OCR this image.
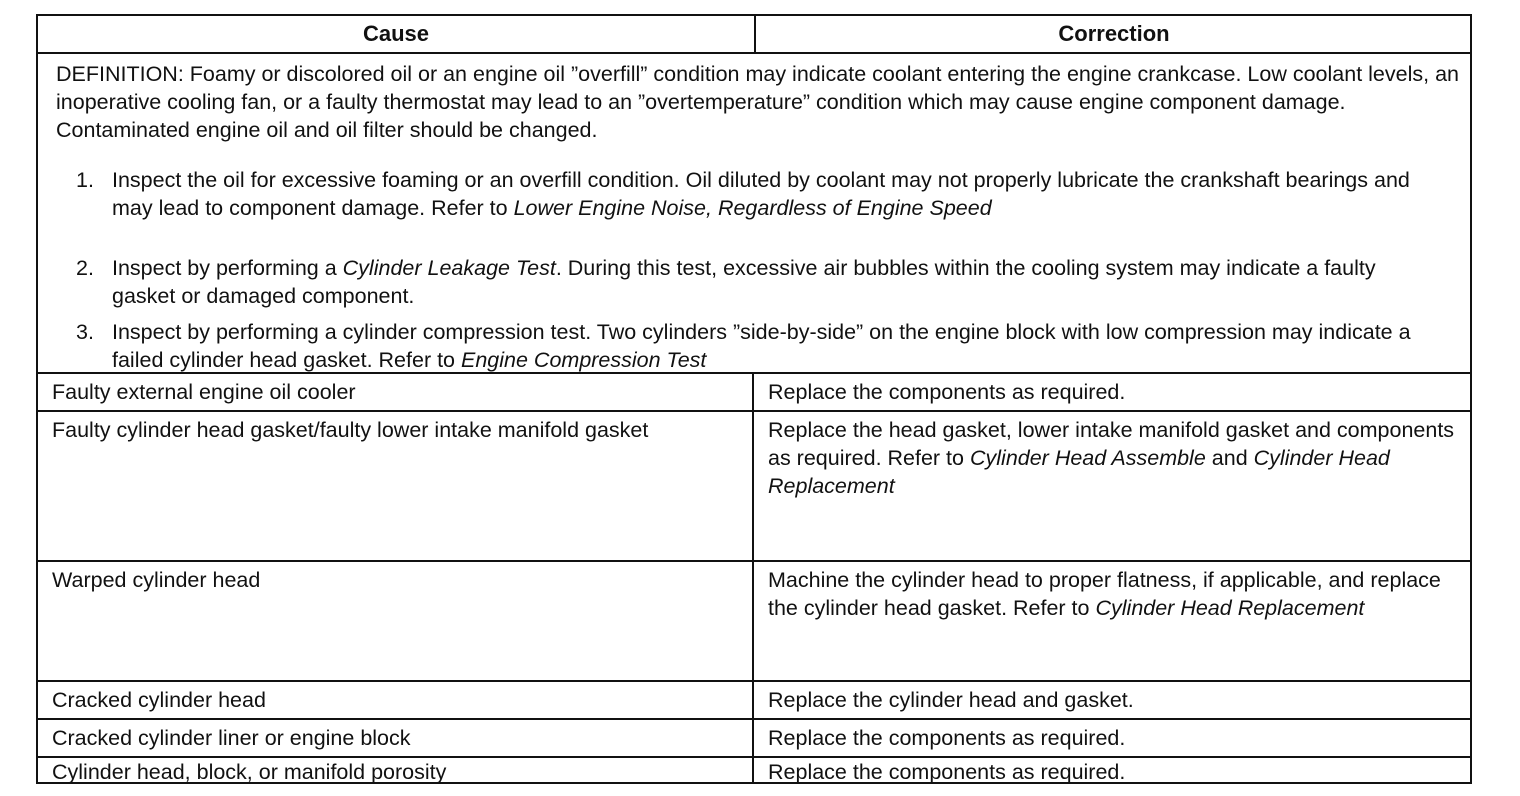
Cause	Correction

DEFINITION: Foamy or discolored oil or an engine oil ”overfill” condition may indicate coolant entering the engine crankcase. Low coolant levels, an inoperative cooling fan, or a faulty thermostat may lead to an ”overtemperature” condition which may cause engine component damage. Contaminated engine oil and oil filter should be changed.

1. Inspect the oil for excessive foaming or an overfill condition. Oil diluted by coolant may not properly lubricate the crankshaft bearings and may lead to component damage. Refer to Lower Engine Noise, Regardless of Engine Speed

2. Inspect by performing a Cylinder Leakage Test. During this test, excessive air bubbles within the cooling system may indicate a faulty gasket or damaged component.

3. Inspect by performing a cylinder compression test. Two cylinders ”side-by-side” on the engine block with low compression may indicate a failed cylinder head gasket. Refer to Engine Compression Test

Faulty external engine oil cooler	Replace the components as required.
Faulty cylinder head gasket/faulty lower intake manifold gasket	Replace the head gasket, lower intake manifold gasket and components as required. Refer to Cylinder Head Assemble and Cylinder Head Replacement
Warped cylinder head	Machine the cylinder head to proper flatness, if applicable, and replace the cylinder head gasket. Refer to Cylinder Head Replacement
Cracked cylinder head	Replace the cylinder head and gasket.
Cracked cylinder liner or engine block	Replace the components as required.
Cylinder head, block, or manifold porosity	Replace the components as required.
